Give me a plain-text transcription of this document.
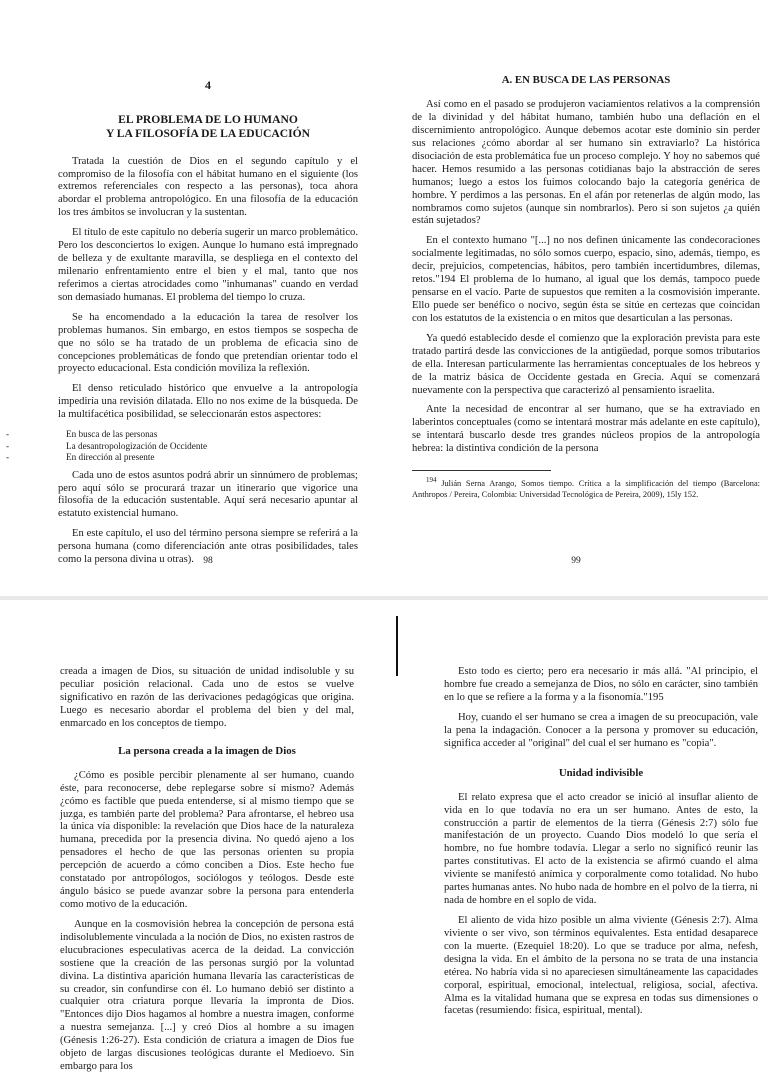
4
EL PROBLEMA DE LO HUMANO
Y LA FILOSOFÍA DE LA EDUCACIÓN

Tratada la cuestión de Dios en el segundo capítulo y el compromiso de la filosofía con el hábitat humano en el siguiente (los extremos referenciales con respecto a las personas), toca ahora abordar el problema antropológico. En una filosofía de la educación los tres ámbitos se involucran y la sustentan.

El título de este capítulo no debería sugerir un marco problemático. Pero los desconciertos lo exigen. Aunque lo humano está impregnado de belleza y de exultante maravilla, se despliega en el contexto del milenario enfrentamiento entre el bien y el mal, tanto que nos referimos a ciertas atrocidades como "inhumanas" cuando en verdad son demasiado humanas. El problema del tiempo lo cruza.

Se ha encomendado a la educación la tarea de resolver los problemas humanos. Sin embargo, en estos tiempos se sospecha de que no sólo se ha tratado de un problema de eficacia sino de concepciones problemáticas de fondo que pretendían orientar todo el proyecto educacional. Esta condición moviliza la reflexión.

El denso reticulado histórico que envuelve a la antropología impediría una revisión dilatada. Ello no nos exime de la búsqueda. De la multifacética posibilidad, se seleccionarán estos aspectores:

-	En busca de las personas
-	La desantropologización de Occidente
-	En dirección al presente

Cada uno de estos asuntos podrá abrir un sinnúmero de problemas; pero aquí sólo se procurará trazar un itinerario que vigorice una filosofía de la educación sustentable. Aquí será necesario apuntar al estatuto existencial humano.

En este capítulo, el uso del término persona siempre se referirá a la persona humana (como diferenciación ante otras posibilidades, tales como la persona divina u otras). 98
A. EN BUSCA DE LAS PERSONAS

Así como en el pasado se produjeron vaciamientos relativos a la comprensión de la divinidad y del hábitat humano, también hubo una deflación en el discernimiento antropológico. Aunque debemos acotar este dominio sin perder sus relaciones ¿cómo abordar al ser humano sin extraviarlo? La histórica disociación de esta problemática fue un proceso complejo. Y hoy no sabemos qué hacer. Hemos resumido a las personas cotidianas bajo la abstracción de seres humanos; luego a estos los fuimos colocando bajo la categoría genérica de hombre. Y perdimos a las personas. En el afán por retenerlas de algún modo, las nombramos como sujetos (aunque sin nombrarlos). Pero si son sujetos ¿a quién están sujetados?

En el contexto humano "[...] no nos definen únicamente las condecoraciones socialmente legitimadas, no sólo somos cuerpo, espacio, sino, además, tiempo, es decir, prejuicios, competencias, hábitos, pero también incertidumbres, dilemas, retos."194 El problema de lo humano, al igual que los demás, tampoco puede pensarse en el vacío. Parte de supuestos que remiten a la cosmovisión imperante. Ello puede ser benéfico o nocivo, según ésta se sitúe en certezas que coincidan con los estatutos de la existencia o en mitos que desarticulan a las personas.

Ya quedó establecido desde el comienzo que la exploración prevista para este tratado partirá desde las convicciones de la antigüedad, porque somos tributarios de ella. Interesan particularmente las herramientas conceptuales de los hebreos y de la matriz básica de Occidente gestada en Grecia. Aquí se comenzará nuevamente con la perspectiva que caracterizó al pensamiento israelita.

Ante la necesidad de encontrar al ser humano, que se ha extraviado en laberintos conceptuales (como se intentará mostrar más adelante en este capítulo), se intentará buscarlo desde tres grandes núcleos propios de la antropología hebrea: la distintiva condición de la persona

$^{194}$ Julián Serna Arango, Somos tiempo. Crítica a la simplificación del tiempo (Barcelona: Anthropos / Pereira, Colombia: Universidad Tecnológica de Pereira, 2009), 15ly 152.

99

creada a imagen de Dios, su situación de unidad indisoluble y su peculiar posición relacional. Cada uno de estos se vuelve significativo en razón de las derivaciones pedagógicas que origina. Luego es necesario abordar el problema del bien y del mal, enmarcado en los conceptos de tiempo.

La persona creada a la imagen de Dios

¿Cómo es posible percibir plenamente al ser humano, cuando éste, para reconocerse, debe replegarse sobre sí mismo? Además ¿cómo es factible que pueda entenderse, si al mismo tiempo que se juzga, es también parte del problema? Para afrontarse, el hebreo usa la única vía disponible: la revelación que Dios hace de la naturaleza humana, precedida por la presencia divina. No quedó ajeno a los pensadores el hecho de que las personas orienten su propia percepción de acuerdo a cómo conciben a Dios. Este hecho fue constatado por antropólogos, sociólogos y teólogos. Desde este ángulo básico se puede avanzar sobre la persona para entenderla como motivo de la educación.

Aunque en la cosmovisión hebrea la concepción de persona está indisolublemente vinculada a la noción de Dios, no existen rastros de elucubraciones especulativas acerca de la deidad. La convicción sostiene que la creación de las personas surgió por la voluntad divina. La distintiva aparición humana llevaría las características de su creador, sin confundirse con él. Lo humano debió ser distinto a cualquier otra criatura porque llevaría la impronta de Dios. "Entonces dijo Dios hagamos al hombre a nuestra imagen, conforme a nuestra semejanza. [...] y creó Dios al hombre a su imagen (Génesis 1:26-27). Esta condición de criatura a imagen de Dios fue objeto de largas discusiones teológicas durante el Medioevo. Sin embargo para los

Esto todo es cierto; pero era necesario ir más allá. "Al principio, el hombre fue creado a semejanza de Dios, no sólo en carácter, sino también en lo que se refiere a la forma y a la fisonomía."195

Hoy, cuando el ser humano se crea a imagen de su preocupación, vale la pena la indagación. Conocer a la persona y promover su educación, significa acceder al "original" del cual el ser humano es "copia".

Unidad indivisible

El relato expresa que el acto creador se inició al insuflar aliento de vida en lo que todavía no era un ser humano. Antes de esto, la construcción a partir de elementos de la tierra (Génesis 2:7) sólo fue manifestación de un proyecto. Cuando Dios modeló lo que sería el hombre, no fue hombre todavía. Llegar a serlo no significó reunir las partes constitutivas. El acto de la existencia se afirmó cuando el alma viviente se manifestó anímica y corporalmente como totalidad. No hubo partes humanas antes. No hubo nada de hombre en el polvo de la tierra, ni nada de hombre en el soplo de vida.

El aliento de vida hizo posible un alma viviente (Génesis 2:7). Alma viviente o ser vivo, son términos equivalentes. Esta entidad desaparece con la muerte. (Ezequiel 18:20). Lo que se traduce por alma, nefesh, designa la vida. En el ámbito de la persona no se trata de una instancia etérea. No habría vida si no apareciesen simultáneamente las capacidades corporal, espiritual, emocional, intelectual, religiosa, social, afectiva. Alma es la vitalidad humana que se expresa en todas sus dimensiones o facetas (resumiendo: física, espiritual, mental).
